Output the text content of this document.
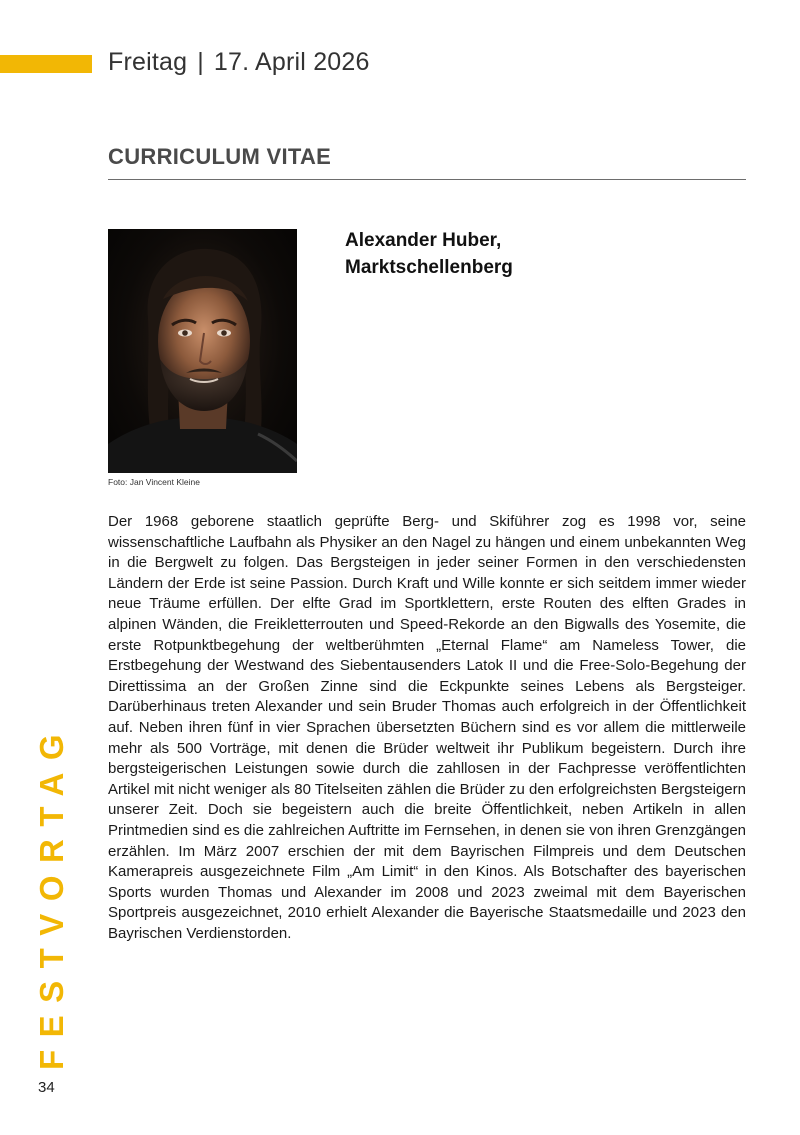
Freitag | 17. April 2026
CURRICULUM VITAE
Foto: Jan Vincent Kleine
Alexander Huber,
Marktschellenberg

Der 1968 geborene staatlich geprüfte Berg- und Skiführer zog es 1998 vor, seine wissenschaftliche Laufbahn als Physiker an den Nagel zu hängen und einem unbekannten Weg in die Bergwelt zu folgen. Das Bergsteigen in jeder seiner Formen in den verschiedensten Ländern der Erde ist seine Passion. Durch Kraft und Wille konnte er sich seitdem immer wieder neue Träume erfüllen. Der elfte Grad im Sportklettern, erste Routen des elften Grades in alpinen Wänden, die Freikletterrouten und Speed-Rekorde an den Bigwalls des Yosemite, die erste Rotpunktbegehung der weltberühmten „Eternal Flame“ am Nameless Tower, die Erstbegehung der Westwand des Siebentausenders Latok II und die Free-Solo-Begehung der Direttissima an der Großen Zinne sind die Eckpunkte seines Lebens als Bergsteiger. Darüberhinaus treten Alexander und sein Bruder Thomas auch erfolgreich in der Öffentlichkeit auf. Neben ihren fünf in vier Sprachen übersetzten Büchern sind es vor allem die mittlerweile mehr als 500 Vorträge, mit denen die Brüder weltweit ihr Publikum begeistern. Durch ihre bergsteigerischen Leistungen sowie durch die zahllosen in der Fachpresse veröffentlichten Artikel mit nicht weniger als 80 Titelseiten zählen die Brüder zu den erfolgreichsten Bergsteigern unserer Zeit. Doch sie begeistern auch die breite Öffentlichkeit, neben Artikeln in allen Printmedien sind es die zahlreichen Auftritte im Fernsehen, in denen sie von ihren Grenzgängen erzählen. Im März 2007 erschien der mit dem Bayrischen Filmpreis und dem Deutschen Kamerapreis ausgezeichnete Film „Am Limit“ in den Kinos. Als Botschafter des bayerischen Sports wurden Thomas und Alexander im 2008 und 2023 zweimal mit dem Bayerischen Sportpreis ausgezeichnet, 2010 erhielt Alexander die Bayerische Staatsmedaille und 2023 den Bayrischen Verdienstorden.

FESTVORTAG
34
